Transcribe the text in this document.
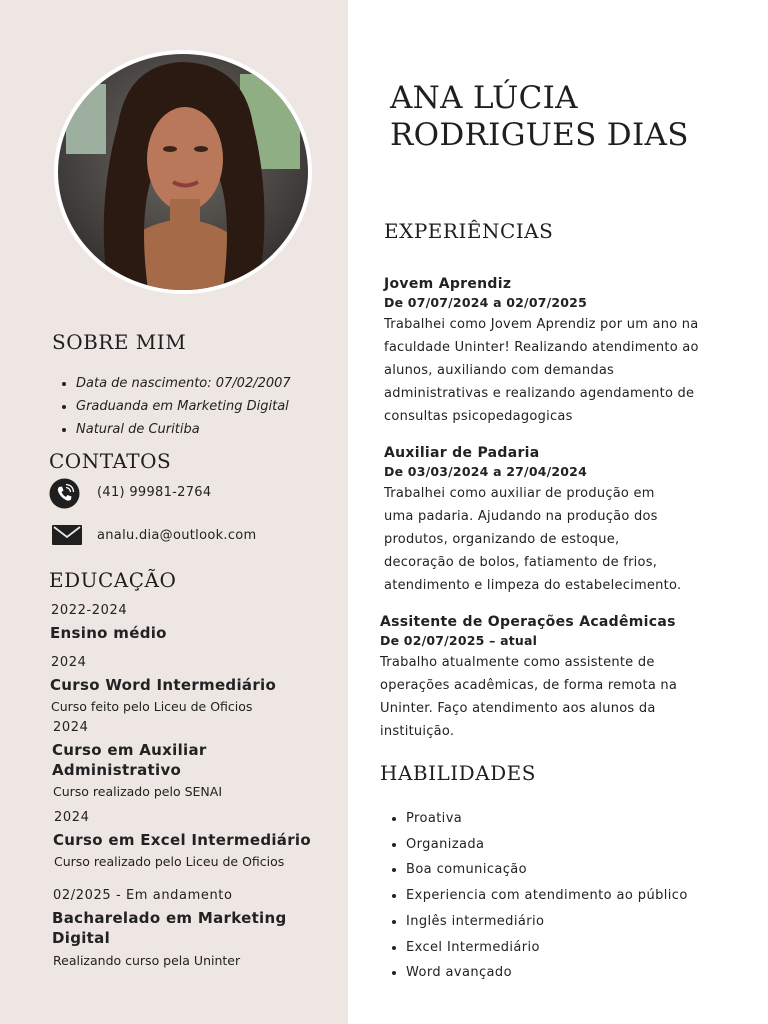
ANA LÚCIA
RODRIGUES DIAS
SOBRE MIM
• Data de nascimento: 07/02/2007
• Graduanda em Marketing Digital
• Natural de Curitiba
CONTATOS
(41) 99981-2764
analu.dia@outlook.com
EDUCAÇÃO
2022-2024
Ensino médio
2024
Curso Word Intermediário
Curso feito pelo Liceu de Oficios
2024
Curso em Auxiliar
Administrativo
Curso realizado pelo SENAI
2024
Curso em Excel Intermediário
Curso realizado pelo Liceu de Oficios
02/2025 - Em andamento
Bacharelado em Marketing
Digital
Realizando curso pela Uninter
EXPERIÊNCIAS
Jovem Aprendiz
De 07/07/2024 a 02/07/2025
Trabalhei como Jovem Aprendiz por um ano na
faculdade Uninter! Realizando atendimento ao
alunos, auxiliando com demandas
administrativas e realizando agendamento de
consultas psicopedagogicas
Auxiliar de Padaria
De 03/03/2024 a 27/04/2024
Trabalhei como auxiliar de produção em
uma padaria. Ajudando na produção dos
produtos, organizando de estoque,
decoração de bolos, fatiamento de frios,
atendimento e limpeza do estabelecimento.
Assitente de Operações Acadêmicas
De 02/07/2025 – atual
Trabalho atualmente como assistente de
operações acadêmicas, de forma remota na
Uninter. Faço atendimento aos alunos da
instituição.
HABILIDADES
• Proativa
• Organizada
• Boa comunicação
• Experiencia com atendimento ao público
• Inglês intermediário
• Excel Intermediário
• Word avançado
